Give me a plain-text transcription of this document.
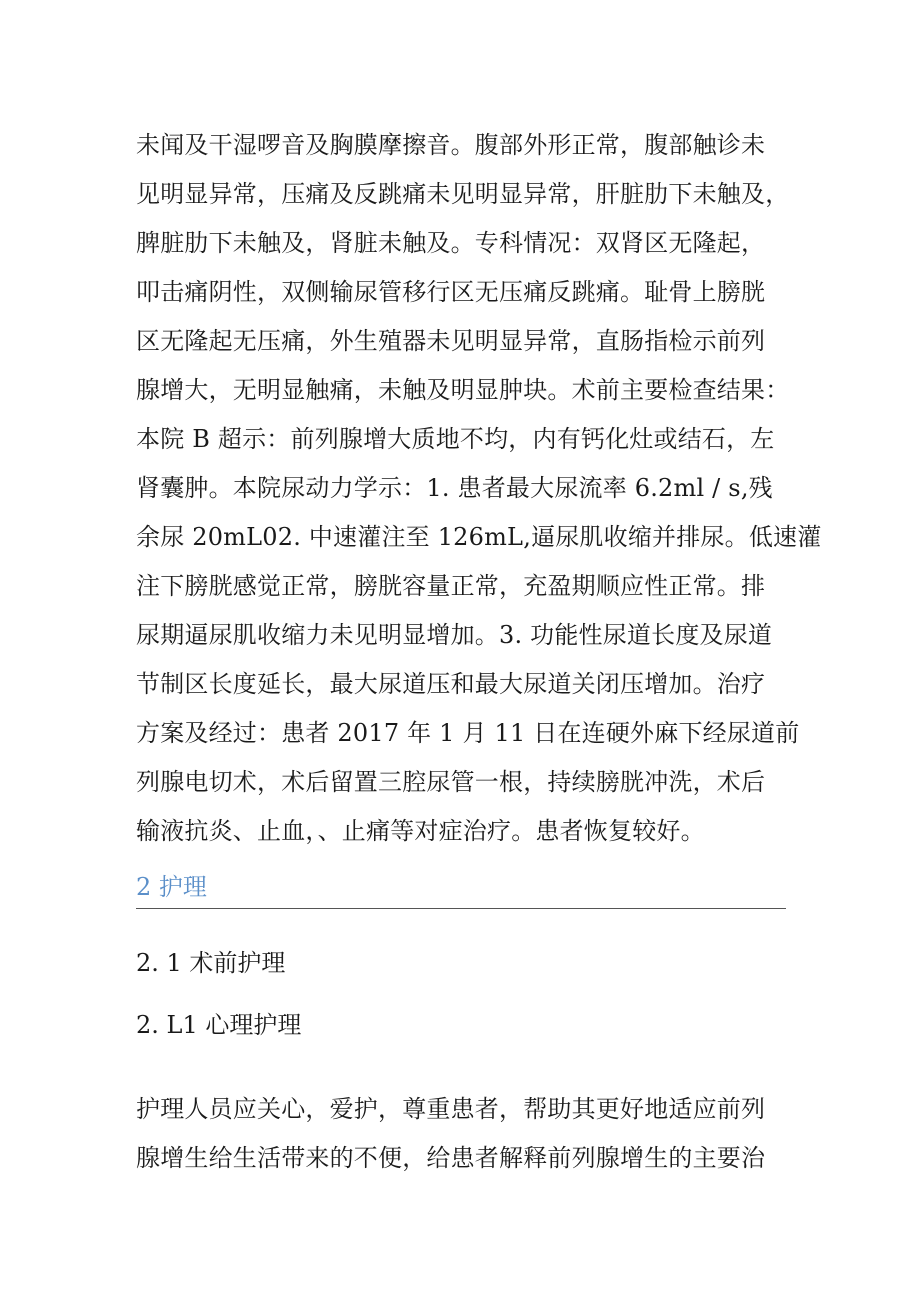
未闻及干湿啰音及胸膜摩擦音。腹部外形正常，腹部触诊未
见明显异常，压痛及反跳痛未见明显异常，肝脏肋下未触及，
脾脏肋下未触及，肾脏未触及。专科情况：双肾区无隆起，
叩击痛阴性，双侧输尿管移行区无压痛反跳痛。耻骨上膀胱
区无隆起无压痛，外生殖器未见明显异常，直肠指检示前列
腺增大，无明显触痛，未触及明显肿块。术前主要检查结果：
本院 B 超示：前列腺增大质地不均，内有钙化灶或结石，左
肾囊肿。本院尿动力学示：1. 患者最大尿流率 6.2ml / s,残
余尿 20mL02. 中速灌注至 126mL,逼尿肌收缩并排尿。低速灌
注下膀胱感觉正常，膀胱容量正常，充盈期顺应性正常。排
尿期逼尿肌收缩力未见明显增加。3. 功能性尿道长度及尿道
节制区长度延长，最大尿道压和最大尿道关闭压增加。治疗
方案及经过：患者 2017 年 1 月 11 日在连硬外麻下经尿道前
列腺电切术，术后留置三腔尿管一根，持续膀胱冲洗，术后
输液抗炎、止血，、止痛等对症治疗。患者恢复较好。
2 护理
2. 1 术前护理
2. L1 心理护理
护理人员应关心，爱护，尊重患者，帮助其更好地适应前列
腺增生给生活带来的不便，给患者解释前列腺增生的主要治
